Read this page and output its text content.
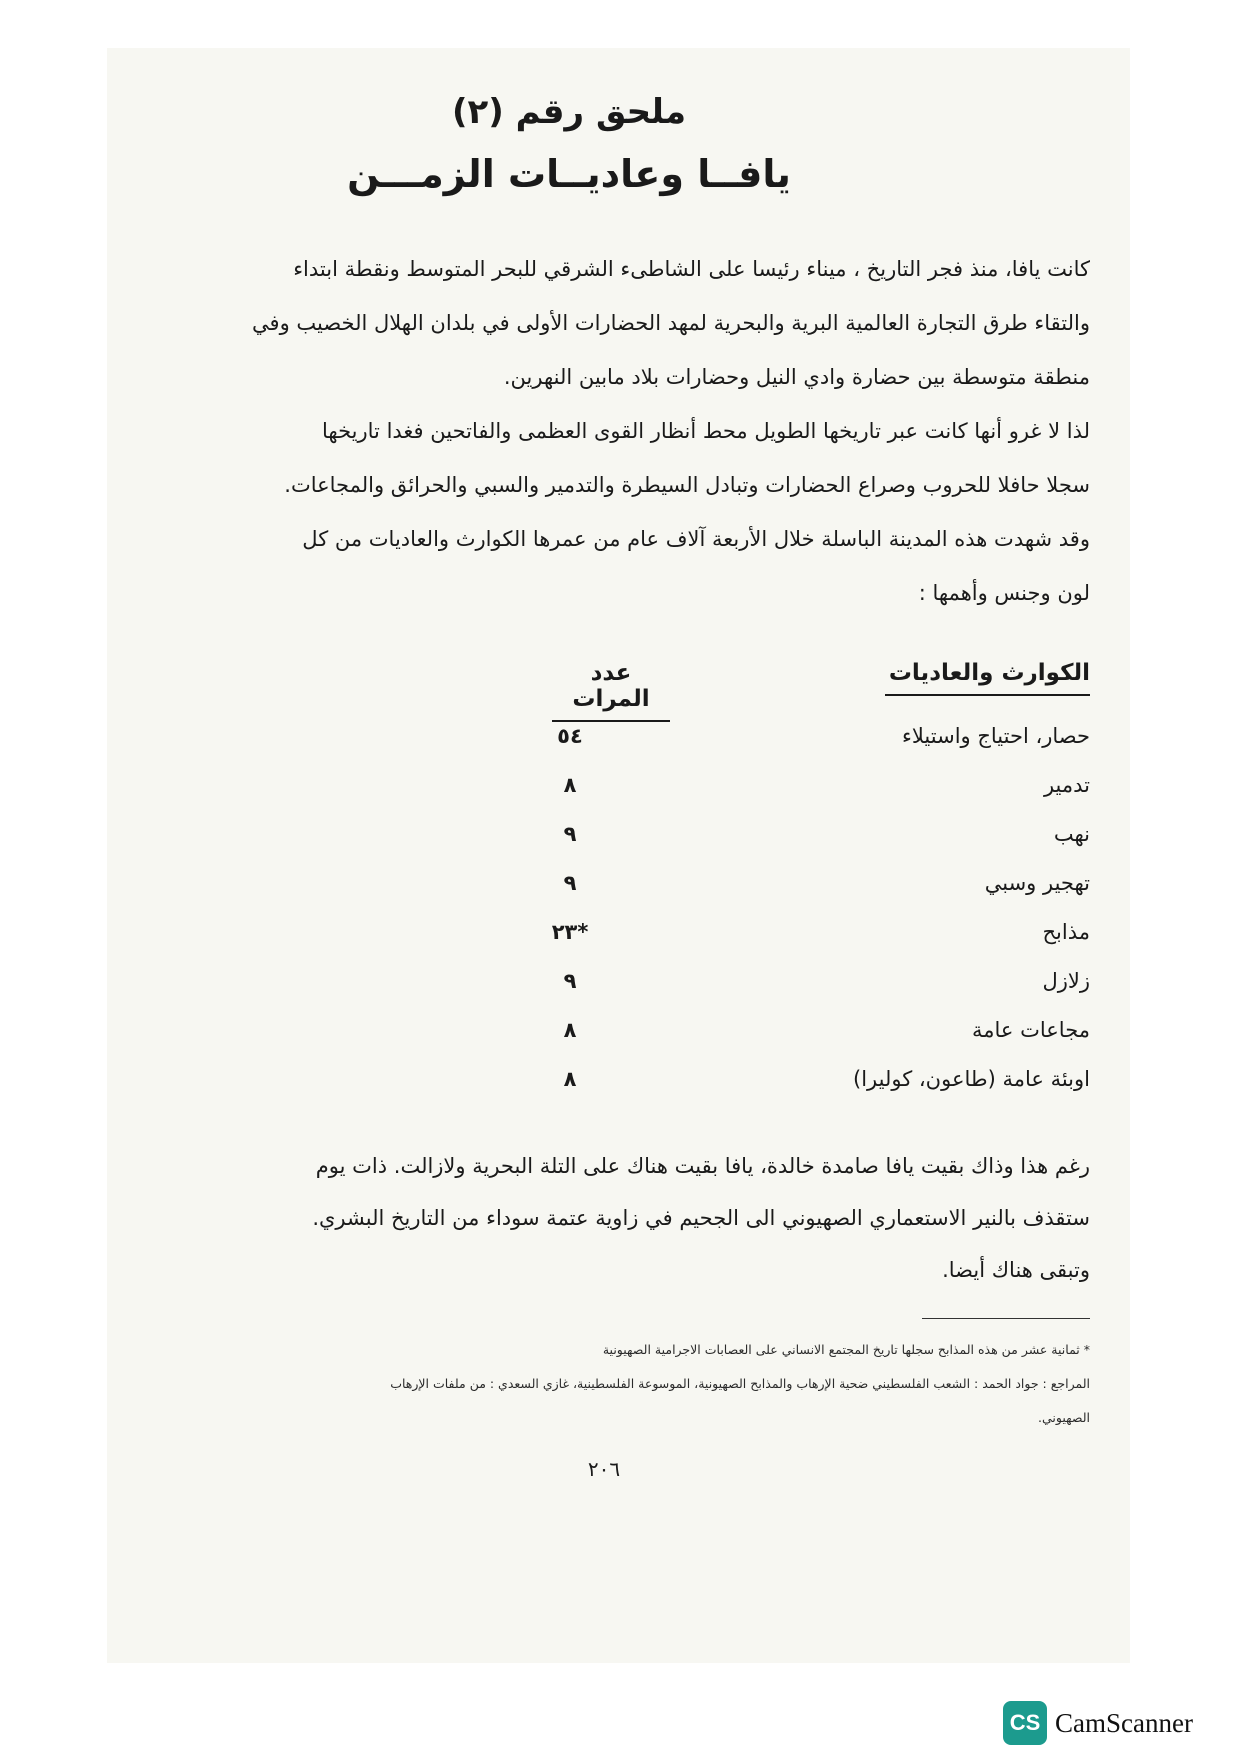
ملحق رقم (٢)
يافــا وعاديــات الزمـــن

كانت يافا، منذ فجر التاريخ ، ميناء رئيسا على الشاطىء الشرقي للبحر المتوسط ونقطة ابتداء

والتقاء طرق التجارة العالمية البرية والبحرية لمهد الحضارات الأولى في بلدان الهلال الخصيب وفي

منطقة متوسطة بين حضارة وادي النيل وحضارات بلاد مابين النهرين.

لذا لا غرو أنها كانت عبر تاريخها الطويل محط أنظار القوى العظمى والفاتحين فغدا تاريخها

سجلا حافلا للحروب وصراع الحضارات وتبادل السيطرة والتدمير والسبي والحرائق والمجاعات.

وقد شهدت هذه المدينة الباسلة خلال الأربعة آلاف عام من عمرها الكوارث والعاديات من كل

لون وجنس وأهمها :

الكوارث والعاديات
عدد المرات
حصار، احتياج واستيلاء
٥٤
تدمير
٨
نهب
٩
تهجير وسبي
٩
مذابح
*٢٣
زلازل
٩
مجاعات عامة
٨
اوبئة عامة (طاعون، كوليرا)
٨

رغم هذا وذاك بقيت يافا صامدة خالدة، يافا بقيت هناك على التلة البحرية ولازالت. ذات يوم

ستقذف بالنير الاستعماري الصهيوني الى الجحيم في زاوية عتمة سوداء من التاريخ البشري.

وتبقى هناك أيضا.

* ثمانية عشر من هذه المذابح سجلها تاريخ المجتمع الانساني على العصابات الاجرامية الصهيونية

المراجع : جواد الحمد : الشعب الفلسطيني ضحية الإرهاب والمذابح الصهيونية، الموسوعة الفلسطينية، غازي السعدي : من ملفات الإرهاب

الصهيوني.

٢٠٦
CS CamScanner
